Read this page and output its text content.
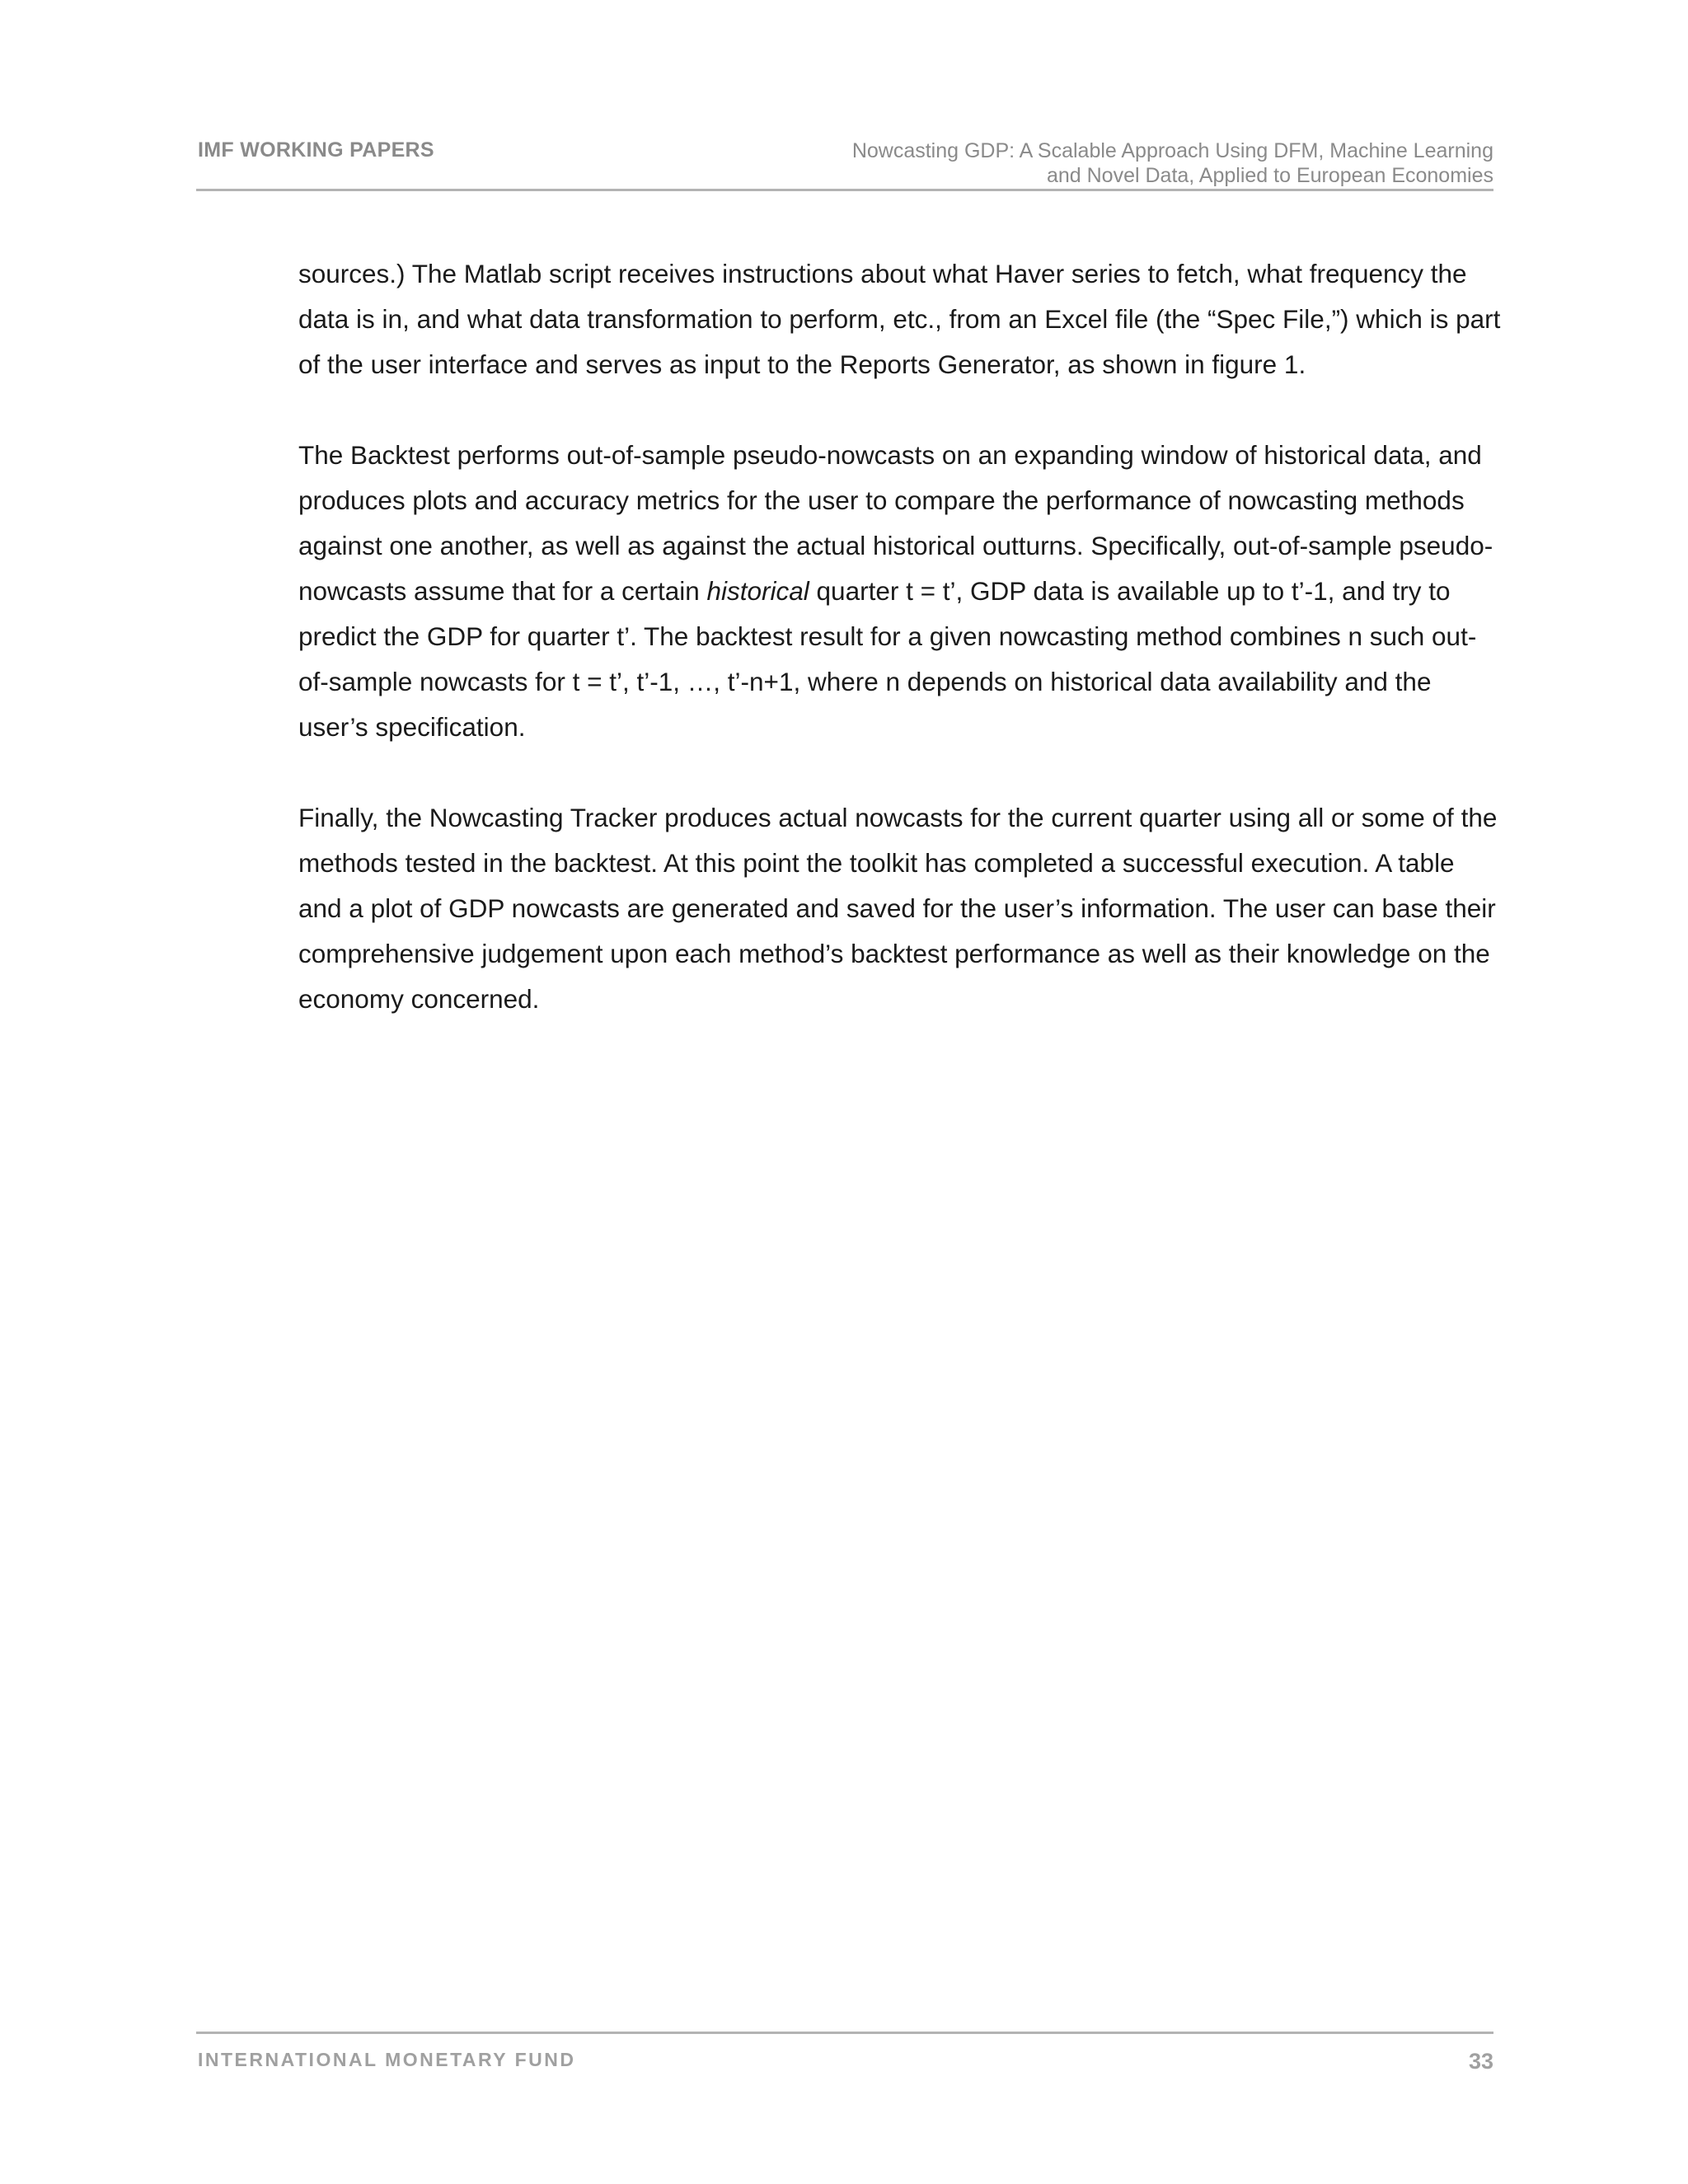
IMF WORKING PAPERS	Nowcasting GDP: A Scalable Approach Using DFM, Machine Learning
and Novel Data, Applied to European Economies

sources.) The Matlab script receives instructions about what Haver series to fetch, what frequency the data is in, and what data transformation to perform, etc., from an Excel file (the “Spec File,”) which is part of the user interface and serves as input to the Reports Generator, as shown in figure 1.

The Backtest performs out-of-sample pseudo-nowcasts on an expanding window of historical data, and produces plots and accuracy metrics for the user to compare the performance of nowcasting methods against one another, as well as against the actual historical outturns. Specifically, out-of-sample pseudo-nowcasts assume that for a certain historical quarter t = t’, GDP data is available up to t’-1, and try to predict the GDP for quarter t’. The backtest result for a given nowcasting method combines n such out-of-sample nowcasts for t = t’, t’-1, …, t’-n+1, where n depends on historical data availability and the user’s specification.

Finally, the Nowcasting Tracker produces actual nowcasts for the current quarter using all or some of the methods tested in the backtest. At this point the toolkit has completed a successful execution. A table and a plot of GDP nowcasts are generated and saved for the user’s information. The user can base their comprehensive judgement upon each method’s backtest performance as well as their knowledge on the economy concerned.

INTERNATIONAL MONETARY FUND	33
